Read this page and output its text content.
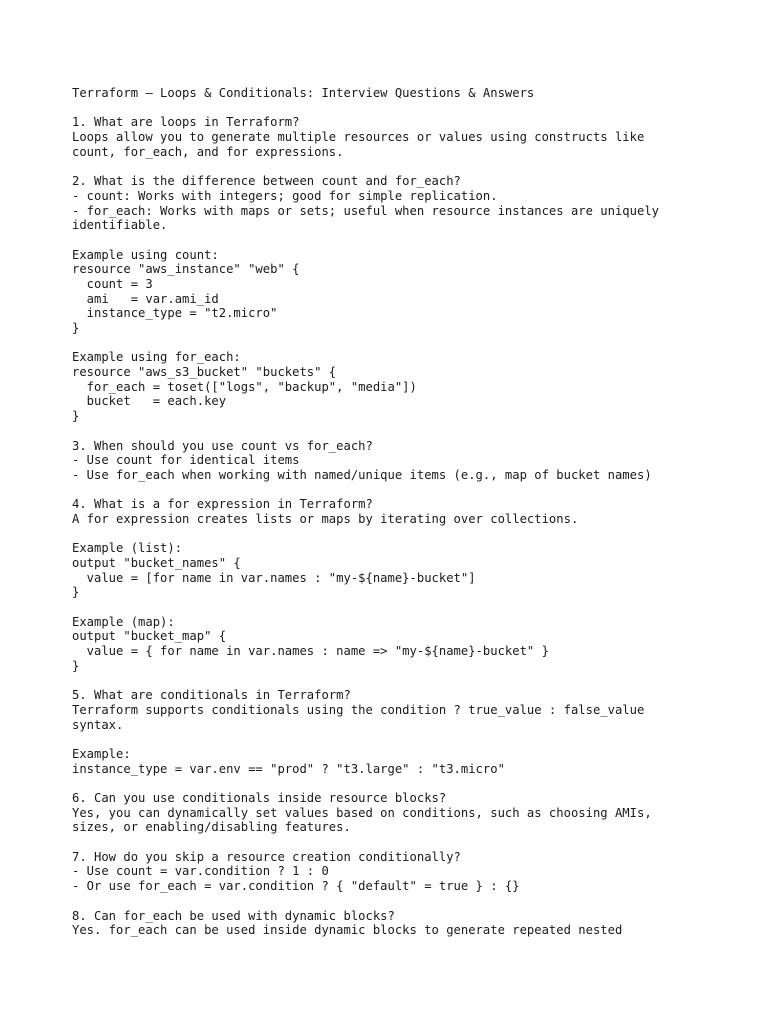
Terraform – Loops & Conditionals: Interview Questions & Answers
1. What are loops in Terraform?
Loops allow you to generate multiple resources or values using constructs like
count, for_each, and for expressions.
2. What is the difference between count and for_each?
- count: Works with integers; good for simple replication.
- for_each: Works with maps or sets; useful when resource instances are uniquely
identifiable.
Example using count:
resource "aws_instance" "web" {
count = 3
ami   = var.ami_id
instance_type = "t2.micro"
}
Example using for_each:
resource "aws_s3_bucket" "buckets" {
for_each = toset(["logs", "backup", "media"])
bucket   = each.key
}
3. When should you use count vs for_each?
- Use count for identical items
- Use for_each when working with named/unique items (e.g., map of bucket names)
4. What is a for expression in Terraform?
A for expression creates lists or maps by iterating over collections.
Example (list):
output "bucket_names" {
value = [for name in var.names : "my-${name}-bucket"]
}
Example (map):
output "bucket_map" {
value = { for name in var.names : name => "my-${name}-bucket" }
}
5. What are conditionals in Terraform?
Terraform supports conditionals using the condition ? true_value : false_value
syntax.
Example:
instance_type = var.env == "prod" ? "t3.large" : "t3.micro"
6. Can you use conditionals inside resource blocks?
Yes, you can dynamically set values based on conditions, such as choosing AMIs,
sizes, or enabling/disabling features.
7. How do you skip a resource creation conditionally?
- Use count = var.condition ? 1 : 0
- Or use for_each = var.condition ? { "default" = true } : {}
8. Can for_each be used with dynamic blocks?
Yes. for_each can be used inside dynamic blocks to generate repeated nested
